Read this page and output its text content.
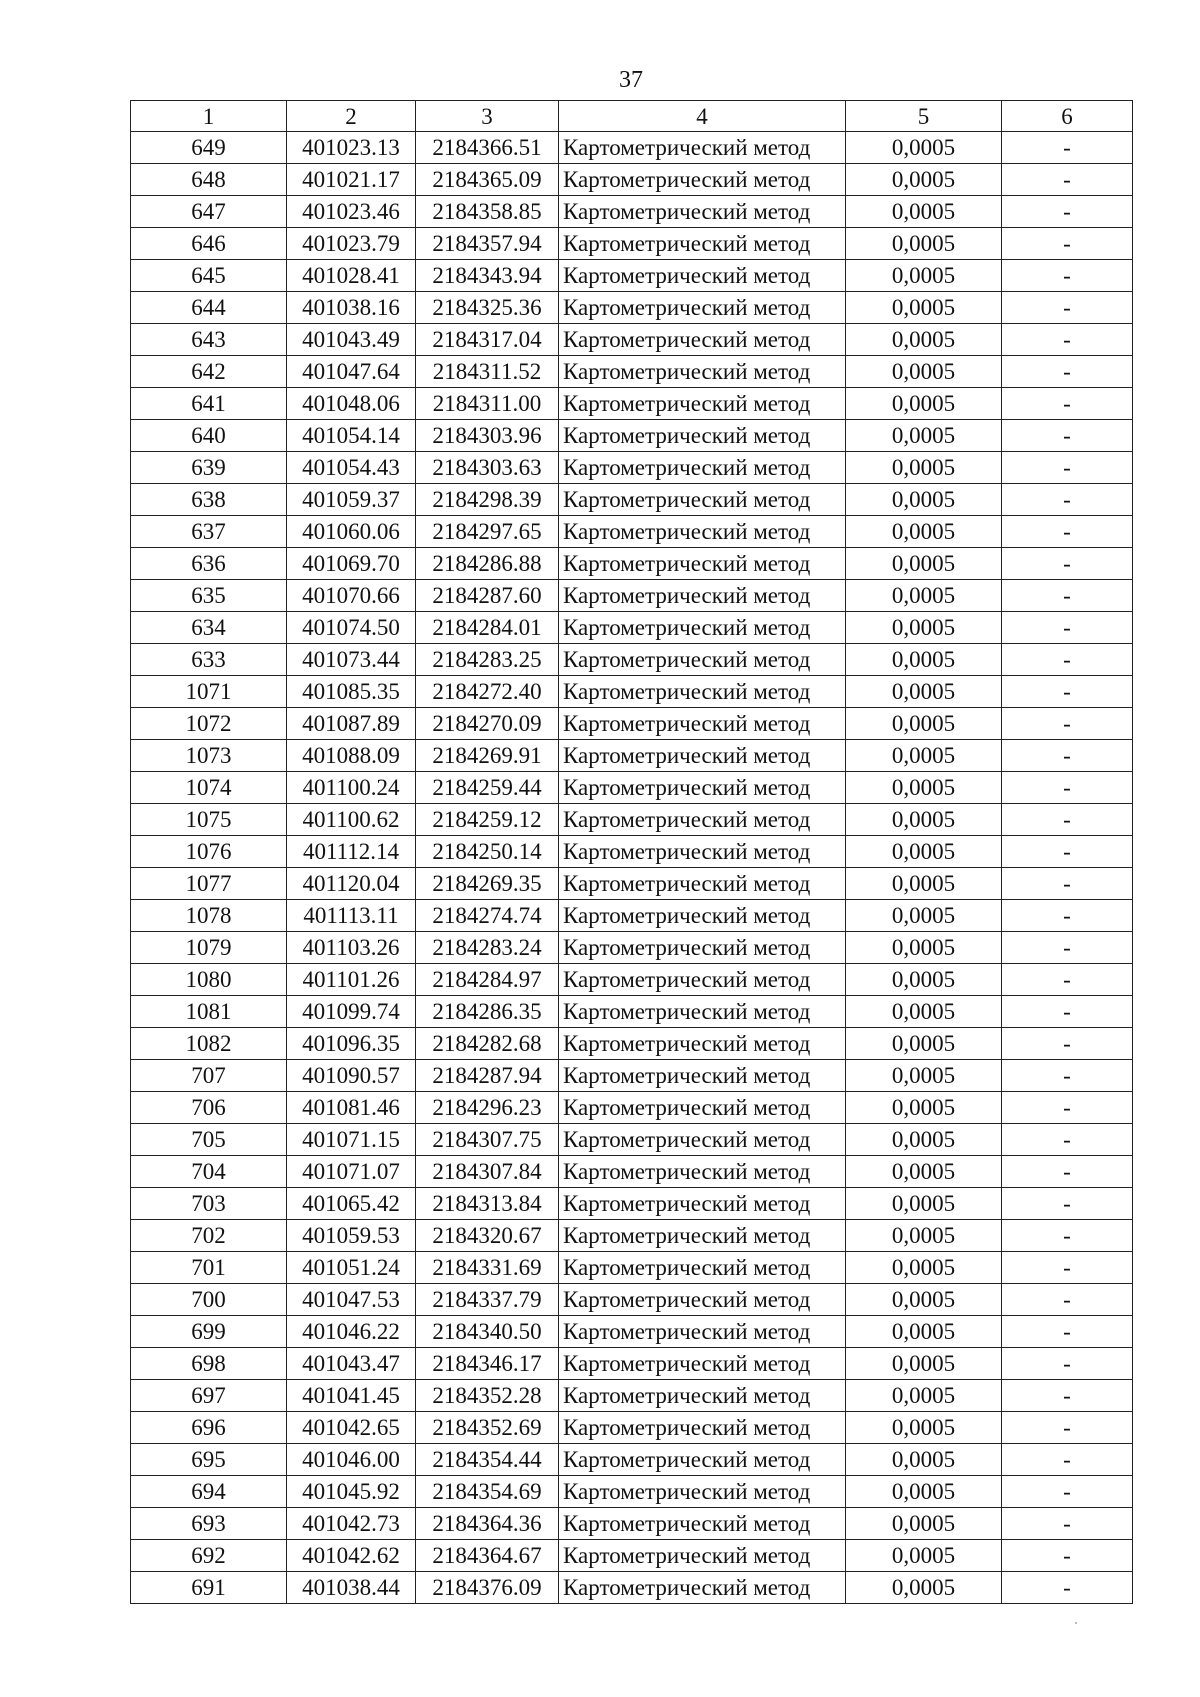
37
1	2	3	4	5	6
649	401023.13	2184366.51	Картометрический метод	0,0005	-
648	401021.17	2184365.09	Картометрический метод	0,0005	-
647	401023.46	2184358.85	Картометрический метод	0,0005	-
646	401023.79	2184357.94	Картометрический метод	0,0005	-
645	401028.41	2184343.94	Картометрический метод	0,0005	-
644	401038.16	2184325.36	Картометрический метод	0,0005	-
643	401043.49	2184317.04	Картометрический метод	0,0005	-
642	401047.64	2184311.52	Картометрический метод	0,0005	-
641	401048.06	2184311.00	Картометрический метод	0,0005	-
640	401054.14	2184303.96	Картометрический метод	0,0005	-
639	401054.43	2184303.63	Картометрический метод	0,0005	-
638	401059.37	2184298.39	Картометрический метод	0,0005	-
637	401060.06	2184297.65	Картометрический метод	0,0005	-
636	401069.70	2184286.88	Картометрический метод	0,0005	-
635	401070.66	2184287.60	Картометрический метод	0,0005	-
634	401074.50	2184284.01	Картометрический метод	0,0005	-
633	401073.44	2184283.25	Картометрический метод	0,0005	-
1071	401085.35	2184272.40	Картометрический метод	0,0005	-
1072	401087.89	2184270.09	Картометрический метод	0,0005	-
1073	401088.09	2184269.91	Картометрический метод	0,0005	-
1074	401100.24	2184259.44	Картометрический метод	0,0005	-
1075	401100.62	2184259.12	Картометрический метод	0,0005	-
1076	401112.14	2184250.14	Картометрический метод	0,0005	-
1077	401120.04	2184269.35	Картометрический метод	0,0005	-
1078	401113.11	2184274.74	Картометрический метод	0,0005	-
1079	401103.26	2184283.24	Картометрический метод	0,0005	-
1080	401101.26	2184284.97	Картометрический метод	0,0005	-
1081	401099.74	2184286.35	Картометрический метод	0,0005	-
1082	401096.35	2184282.68	Картометрический метод	0,0005	-
707	401090.57	2184287.94	Картометрический метод	0,0005	-
706	401081.46	2184296.23	Картометрический метод	0,0005	-
705	401071.15	2184307.75	Картометрический метод	0,0005	-
704	401071.07	2184307.84	Картометрический метод	0,0005	-
703	401065.42	2184313.84	Картометрический метод	0,0005	-
702	401059.53	2184320.67	Картометрический метод	0,0005	-
701	401051.24	2184331.69	Картометрический метод	0,0005	-
700	401047.53	2184337.79	Картометрический метод	0,0005	-
699	401046.22	2184340.50	Картометрический метод	0,0005	-
698	401043.47	2184346.17	Картометрический метод	0,0005	-
697	401041.45	2184352.28	Картометрический метод	0,0005	-
696	401042.65	2184352.69	Картометрический метод	0,0005	-
695	401046.00	2184354.44	Картометрический метод	0,0005	-
694	401045.92	2184354.69	Картометрический метод	0,0005	-
693	401042.73	2184364.36	Картометрический метод	0,0005	-
692	401042.62	2184364.67	Картометрический метод	0,0005	-
691	401038.44	2184376.09	Картометрический метод	0,0005	-
